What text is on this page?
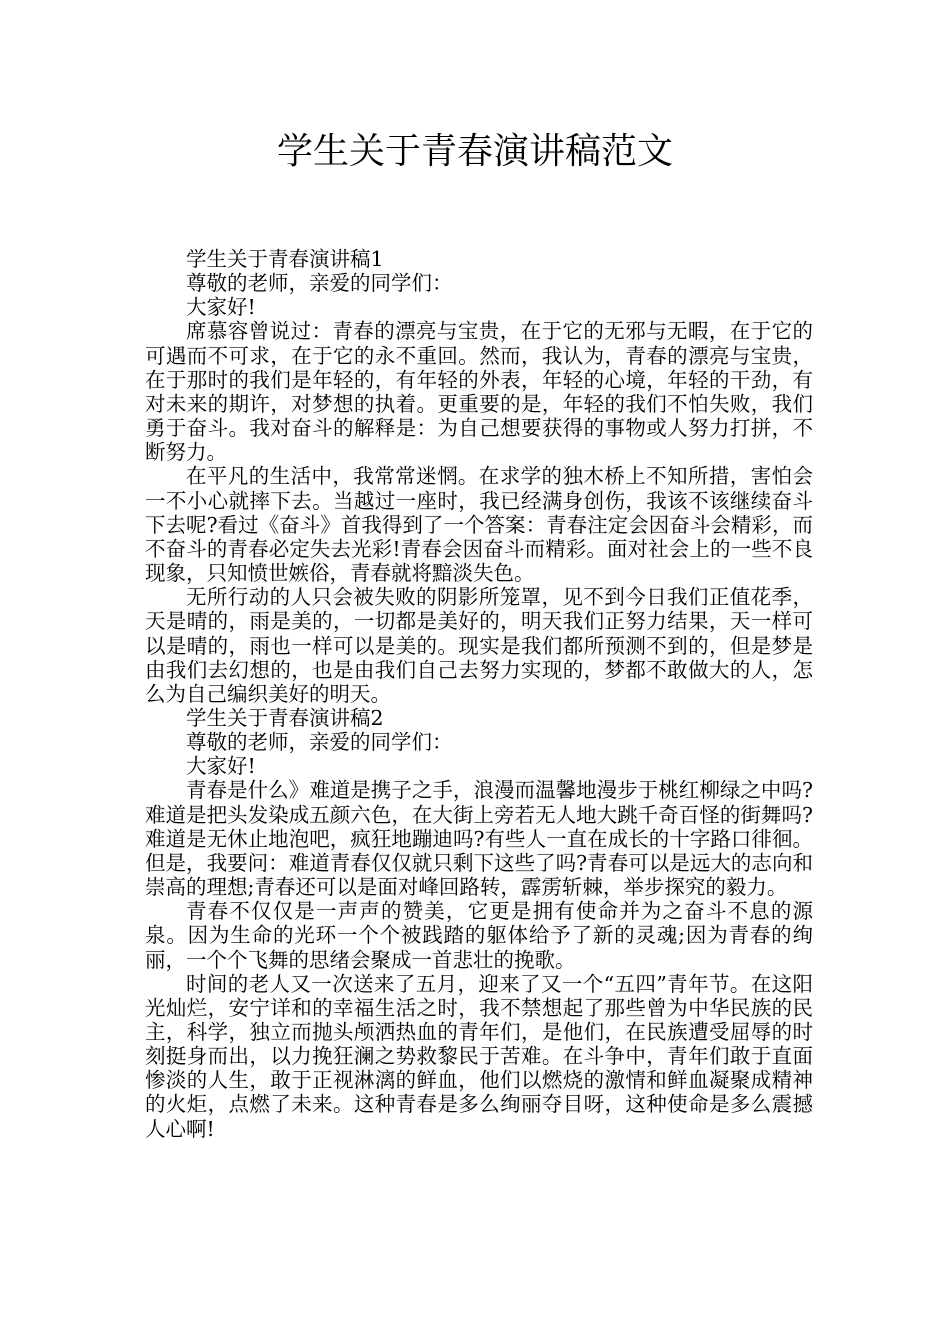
学生关于青春演讲稿范文

学生关于青春演讲稿1

尊敬的老师，亲爱的同学们：

大家好!

席慕容曾说过：青春的漂亮与宝贵，在于它的无邪与无暇，在于它的可遇而不可求，在于它的永不重回。然而，我认为，青春的漂亮与宝贵，在于那时的我们是年轻的，有年轻的外表，年轻的心境，年轻的干劲，有对未来的期许，对梦想的执着。更重要的是，年轻的我们不怕失败，我们勇于奋斗。我对奋斗的解释是：为自己想要获得的事物或人努力打拼，不断努力。

在平凡的生活中，我常常迷惘。在求学的独木桥上不知所措，害怕会一不小心就摔下去。当越过一座时，我已经满身创伤，我该不该继续奋斗下去呢?看过《奋斗》首我得到了一个答案：青春注定会因奋斗会精彩，而不奋斗的青春必定失去光彩!青春会因奋斗而精彩。面对社会上的一些不良现象，只知愤世嫉俗，青春就将黯淡失色。

无所行动的人只会被失败的阴影所笼罩，见不到今日我们正值花季，天是晴的，雨是美的，一切都是美好的，明天我们正努力结果，天一样可以是晴的，雨也一样可以是美的。现实是我们都所预测不到的，但是梦是由我们去幻想的，也是由我们自己去努力实现的，梦都不敢做大的人，怎么为自己编织美好的明天。

学生关于青春演讲稿2

尊敬的老师，亲爱的同学们：

大家好!

青春是什么》难道是携子之手，浪漫而温馨地漫步于桃红柳绿之中吗?难道是把头发染成五颜六色，在大街上旁若无人地大跳千奇百怪的街舞吗?难道是无休止地泡吧，疯狂地蹦迪吗?有些人一直在成长的十字路口徘徊。但是，我要问：难道青春仅仅就只剩下这些了吗?青春可以是远大的志向和崇高的理想;青春还可以是面对峰回路转，霹雳斩棘，举步探究的毅力。

青春不仅仅是一声声的赞美，它更是拥有使命并为之奋斗不息的源泉。因为生命的光环一个个被践踏的躯体给予了新的灵魂;因为青春的绚丽，一个个飞舞的思绪会聚成一首悲壮的挽歌。

时间的老人又一次送来了五月，迎来了又一个“五四”青年节。在这阳光灿烂，安宁详和的幸福生活之时，我不禁想起了那些曾为中华民族的民主，科学，独立而抛头颅洒热血的青年们，是他们，在民族遭受屈辱的时刻挺身而出，以力挽狂澜之势救黎民于苦难。在斗争中，青年们敢于直面惨淡的人生，敢于正视淋漓的鲜血，他们以燃烧的激情和鲜血凝聚成精神的火炬，点燃了未来。这种青春是多么绚丽夺目呀，这种使命是多么震撼人心啊!
